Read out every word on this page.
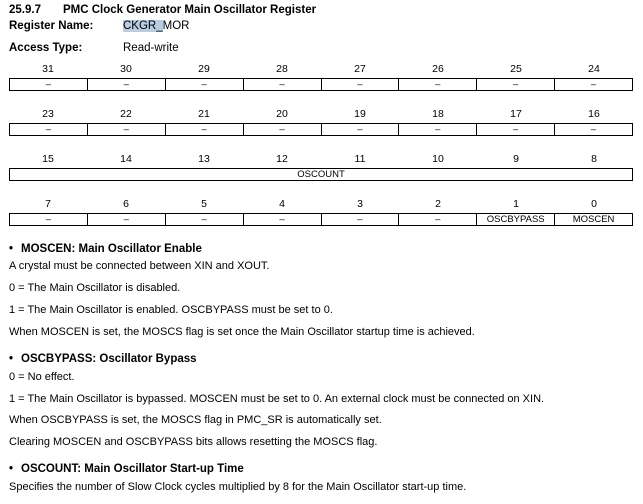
25.9.7 PMC Clock Generator Main Oscillator Register
Register Name:	CKGR_MOR
Access Type:	Read-write
31	30	29	28	27	26	25	24
–	–	–	–	–	–	–	–
23	22	21	20	19	18	17	16
–	–	–	–	–	–	–	–
15	14	13	12	11	10	9	8
OSCOUNT
7	6	5	4	3	2	1	0
–	–	–	–	–	–	OSCBYPASS	MOSCEN
• MOSCEN: Main Oscillator Enable
A crystal must be connected between XIN and XOUT.
0 = The Main Oscillator is disabled.
1 = The Main Oscillator is enabled. OSCBYPASS must be set to 0.
When MOSCEN is set, the MOSCS flag is set once the Main Oscillator startup time is achieved.
• OSCBYPASS: Oscillator Bypass
0 = No effect.
1 = The Main Oscillator is bypassed. MOSCEN must be set to 0. An external clock must be connected on XIN.
When OSCBYPASS is set, the MOSCS flag in PMC_SR is automatically set.
Clearing MOSCEN and OSCBYPASS bits allows resetting the MOSCS flag.
• OSCOUNT: Main Oscillator Start-up Time
Specifies the number of Slow Clock cycles multiplied by 8 for the Main Oscillator start-up time.
